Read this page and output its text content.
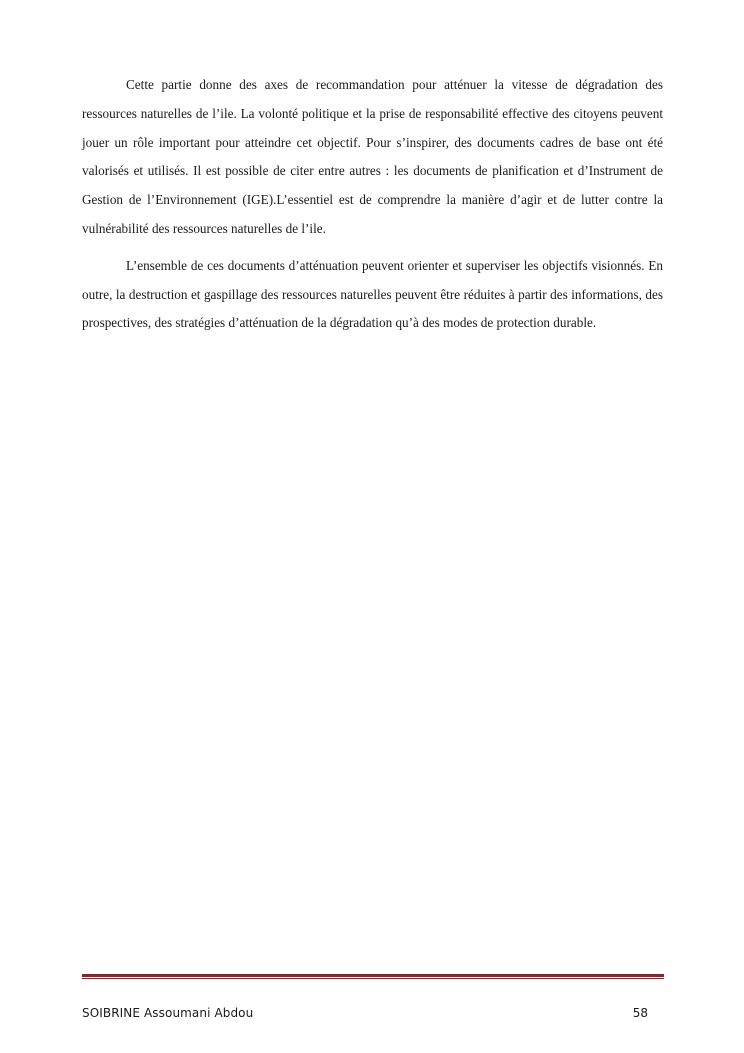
Cette partie donne des axes de recommandation pour atténuer la vitesse de dégradation des ressources naturelles de l’ile. La volonté politique et la prise de responsabilité effective des citoyens peuvent jouer un rôle important pour atteindre cet objectif. Pour s’inspirer, des documents cadres de base ont été valorisés et utilisés. Il est possible de citer entre autres : les documents de planification et d’Instrument de Gestion de l’Environnement (IGE).L’essentiel est de comprendre la manière d’agir et de lutter contre la vulnérabilité des ressources naturelles de l’ile.

L’ensemble de ces documents d’atténuation peuvent orienter et superviser les objectifs visionnés. En outre, la destruction et gaspillage des ressources naturelles peuvent être réduites à partir des informations, des prospectives, des stratégies d’atténuation de la dégradation qu’à des modes de protection durable.

SOIBRINE Assoumani Abdou	58
